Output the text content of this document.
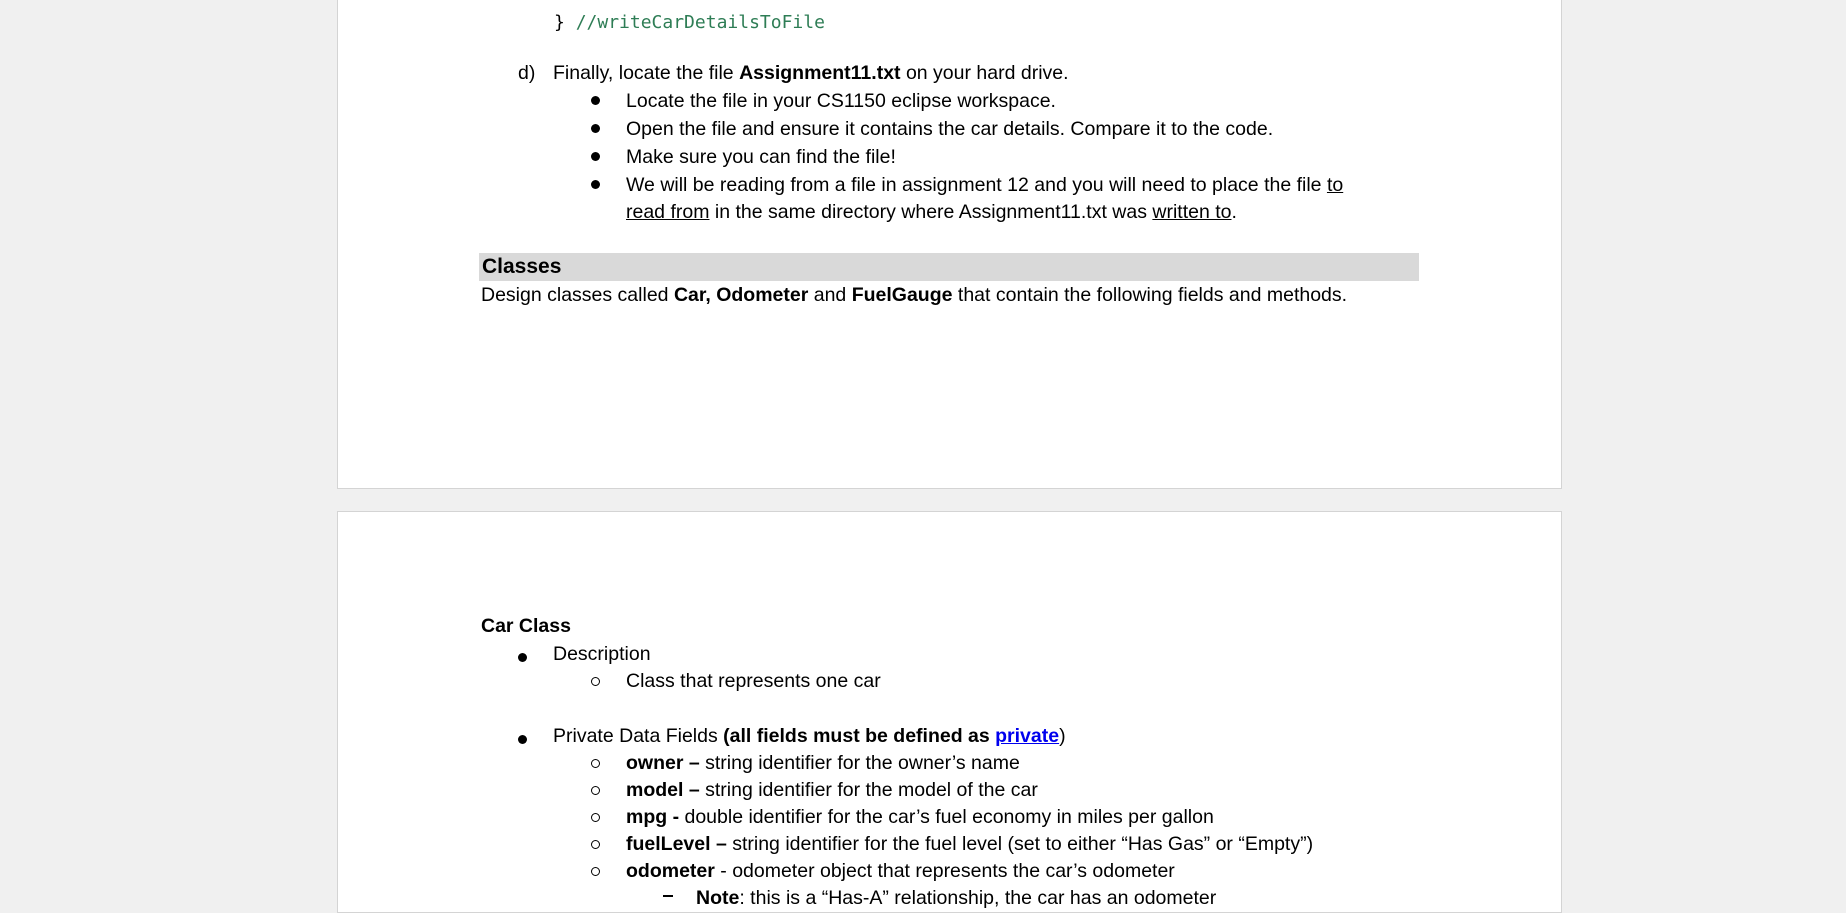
} //writeCarDetailsToFile
d) Finally, locate the file Assignment11.txt on your hard drive.
Locate the file in your CS1150 eclipse workspace.
Open the file and ensure it contains the car details. Compare it to the code.
Make sure you can find the file!
We will be reading from a file in assignment 12 and you will need to place the file to
read from in the same directory where Assignment11.txt was written to.
Classes
Design classes called Car, Odometer and FuelGauge that contain the following fields and methods.
Car Class
Description
Class that represents one car
Private Data Fields (all fields must be defined as private)
owner – string identifier for the owner’s name
model – string identifier for the model of the car
mpg - double identifier for the car’s fuel economy in miles per gallon
fuelLevel – string identifier for the fuel level (set to either “Has Gas” or “Empty”)
odometer - odometer object that represents the car’s odometer
Note: this is a “Has-A” relationship, the car has an odometer
